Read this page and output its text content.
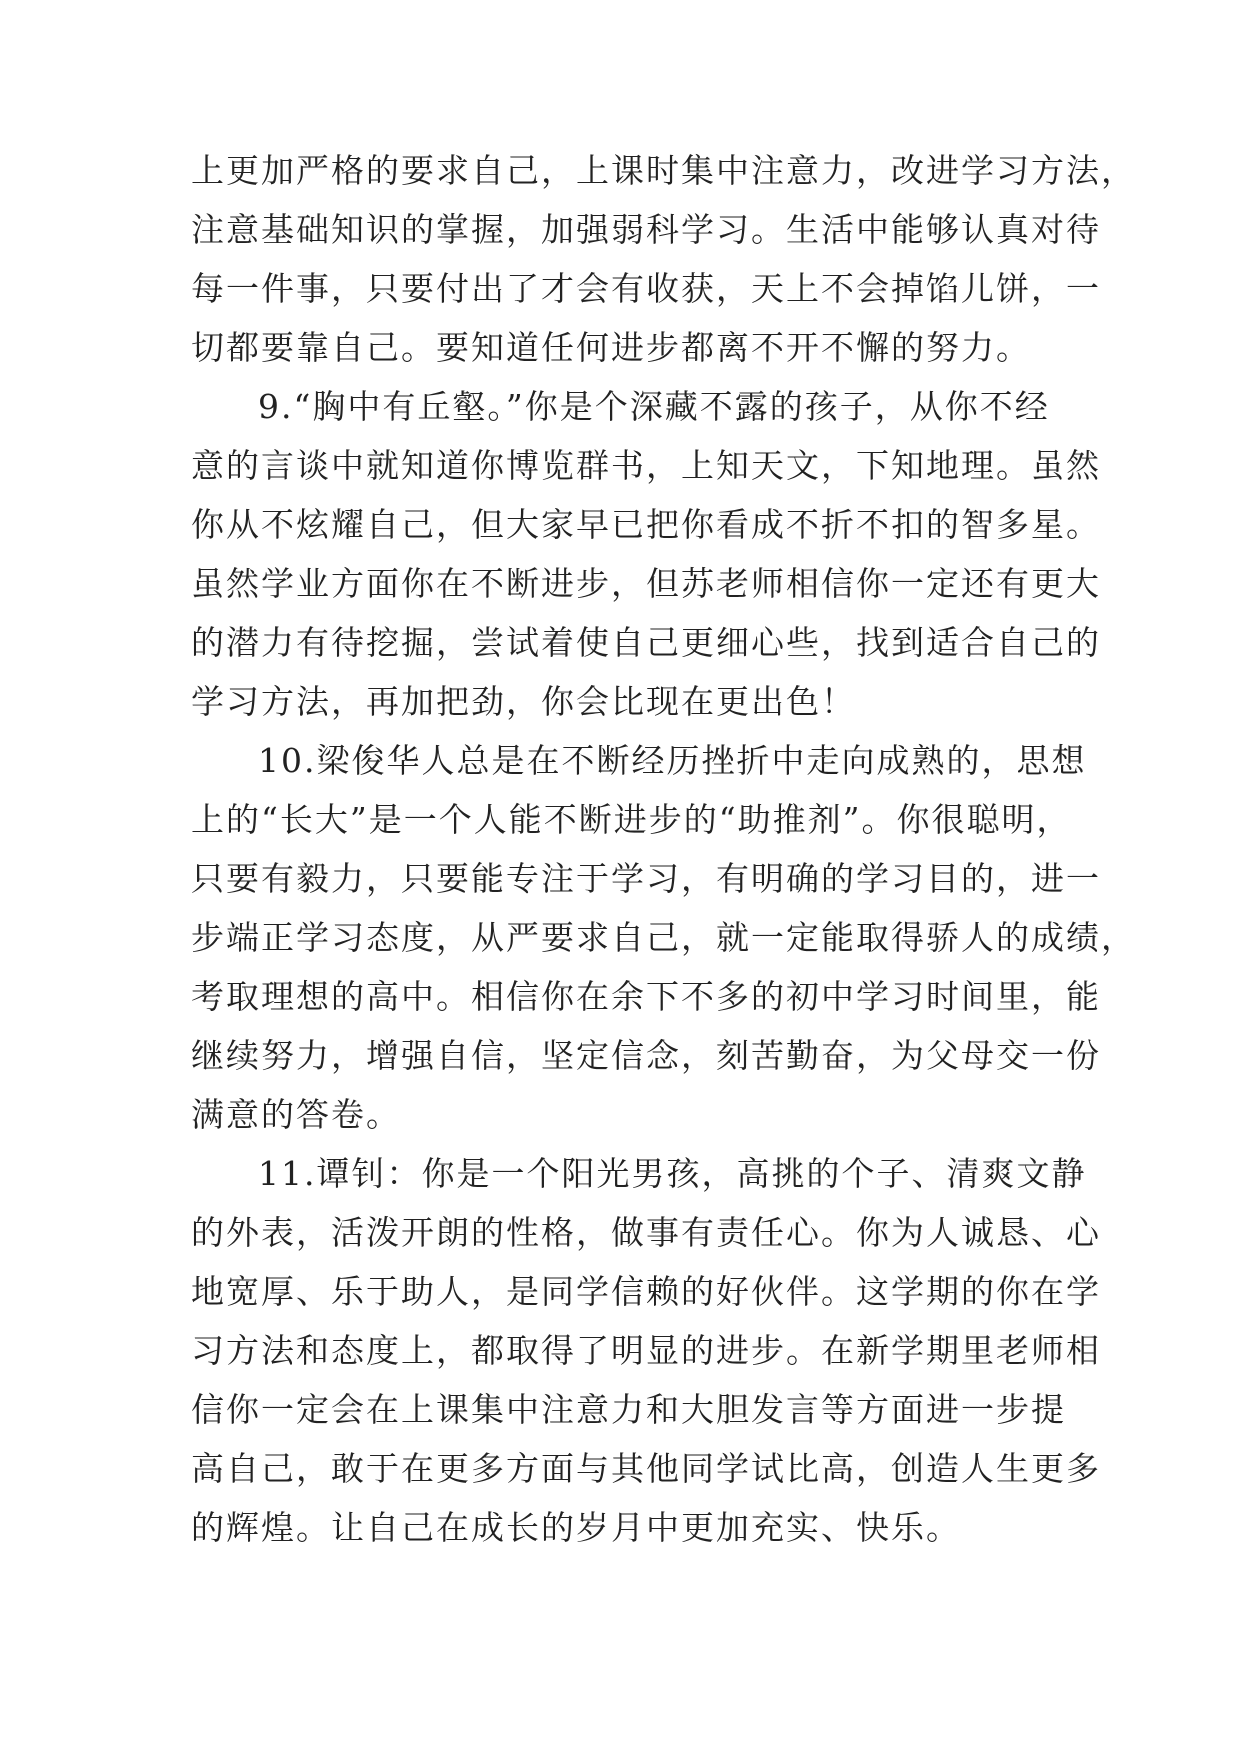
上更加严格的要求自己，上课时集中注意力，改进学习方法，
注意基础知识的掌握，加强弱科学习。生活中能够认真对待
每一件事，只要付出了才会有收获，天上不会掉馅儿饼，一
切都要靠自己。要知道任何进步都离不开不懈的努力。
9.“胸中有丘壑。”你是个深藏不露的孩子，从你不经
意的言谈中就知道你博览群书，上知天文，下知地理。虽然
你从不炫耀自己，但大家早已把你看成不折不扣的智多星。
虽然学业方面你在不断进步，但苏老师相信你一定还有更大
的潜力有待挖掘，尝试着使自己更细心些，找到适合自己的
学习方法，再加把劲，你会比现在更出色！
10.梁俊华人总是在不断经历挫折中走向成熟的，思想
上的“长大”是一个人能不断进步的“助推剂”。你很聪明，
只要有毅力，只要能专注于学习，有明确的学习目的，进一
步端正学习态度，从严要求自己，就一定能取得骄人的成绩，
考取理想的高中。相信你在余下不多的初中学习时间里，能
继续努力，增强自信，坚定信念，刻苦勤奋，为父母交一份
满意的答卷。
11.谭钊：你是一个阳光男孩，高挑的个子、清爽文静
的外表，活泼开朗的性格，做事有责任心。你为人诚恳、心
地宽厚、乐于助人，是同学信赖的好伙伴。这学期的你在学
习方法和态度上，都取得了明显的进步。在新学期里老师相
信你一定会在上课集中注意力和大胆发言等方面进一步提
高自己，敢于在更多方面与其他同学试比高，创造人生更多
的辉煌。让自己在成长的岁月中更加充实、快乐。
